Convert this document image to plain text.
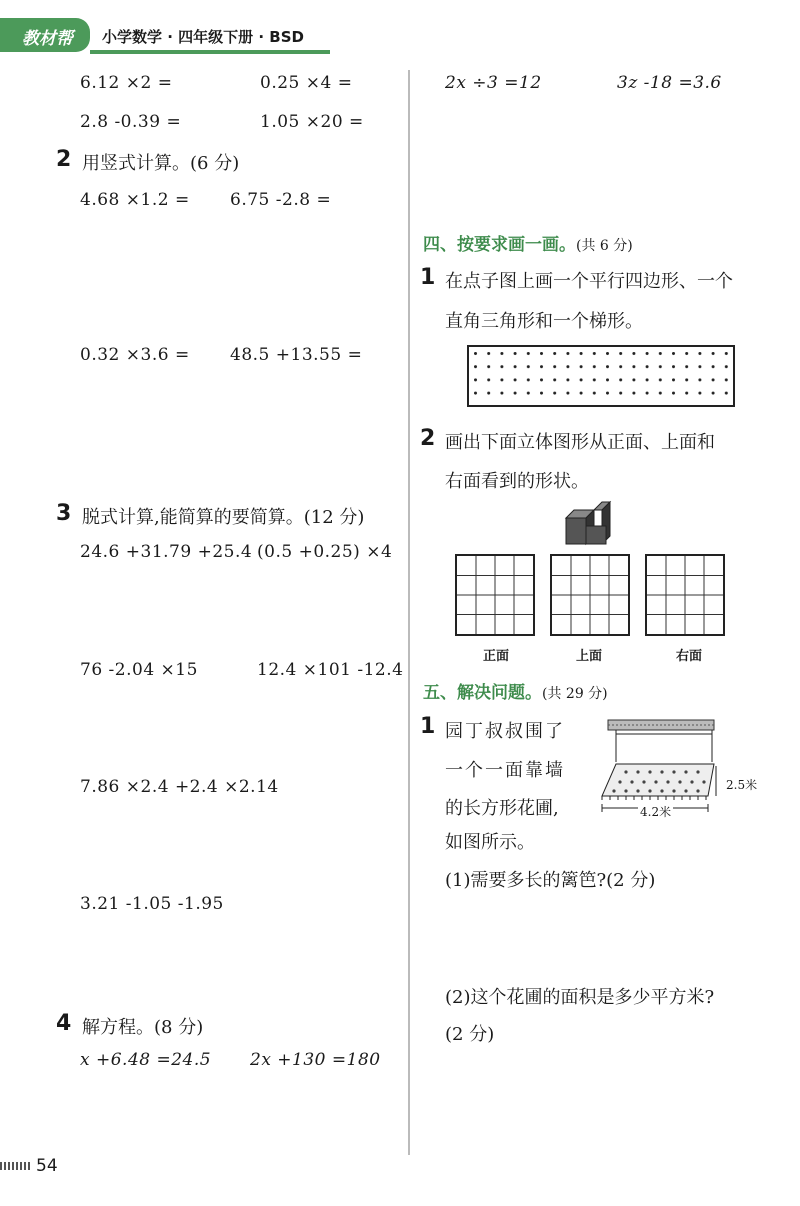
教材帮 小学数学 · 四年级下册 · BSD
6.12 ×2 =	0.25 ×4 =
2.8 -0.39 =	1.05 ×20 =
2 用竖式计算。(6 分)
4.68 ×1.2 = 6.75 -2.8 =
0.32 ×3.6 = 48.5 +13.55 =
3 脱式计算,能简算的要简算。(12 分)
24.6 +31.79 +25.4 (0.5 +0.25) ×4
76 -2.04 ×15	12.4 ×101 -12.4
7.86 ×2.4 +2.4 ×2.14
3.21 -1.05 -1.95
4 解方程。(8 分)
x +6.48 =24.5 2x +130 =180
2x ÷3 =12	3z -18 =3.6
四、按要求画一画。(共 6 分)
1 在点子图上画一个平行四边形、一个
直角三角形和一个梯形。
2 画出下面立体图形从正面、上面和
右面看到的形状。
正面	上面	右面
五、解决问题。(共 29 分)
1 园丁叔叔围了
一个一面靠墙
的长方形花圃,
如图所示。
2.5米
4.2米
(1)需要多长的篱笆?(2 分)
(2)这个花圃的面积是多少平方米?
(2 分)
54
